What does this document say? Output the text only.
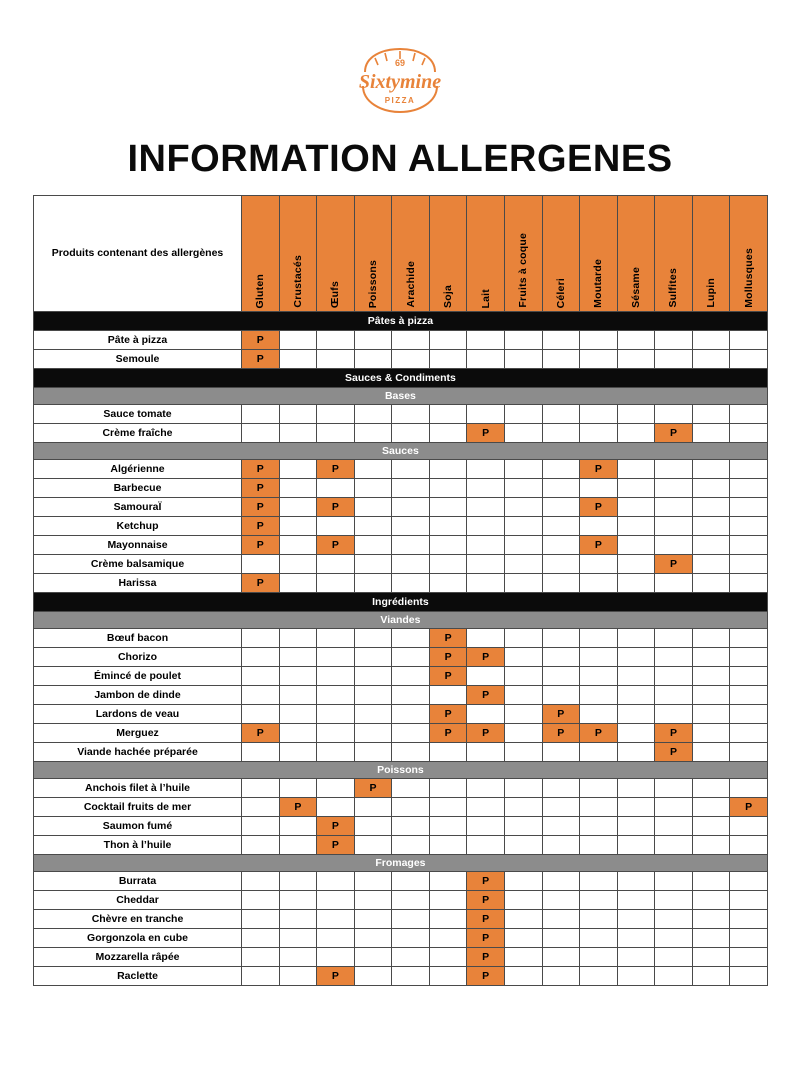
69
Sixtymine
PIZZA
INFORMATION ALLERGENES
Produits contenant des allergènes	Gluten	Crustacés	Œufs	Poissons	Arachide	Soja	Lait	Fruits à coque	Céleri	Moutarde	Sésame	Sulfites	Lupin	Mollusques
Pâtes à pizza														
Pâte à pizza	P													
Semoule	P													
Sauces & Condiments														
Bases														
Sauce tomate														
Crème fraîche							P					P		
Sauces														
Algérienne	P		P							P				
Barbecue	P													
SamouraÏ	P		P							P				
Ketchup	P													
Mayonnaise	P		P							P				
Crème balsamique												P		
Harissa	P													
Ingrédients														
Viandes														
Bœuf bacon						P								
Chorizo						P	P							
Émincé de poulet						P								
Jambon de dinde							P							
Lardons de veau						P			P					
Merguez	P					P	P		P	P		P		
Viande hachée préparée												P		
Poissons														
Anchois filet à l’huile				P										
Cocktail fruits de mer		P												P
Saumon fumé			P											
Thon à l’huile			P											
Fromages														
Burrata							P							
Cheddar							P							
Chèvre en tranche							P							
Gorgonzola en cube							P							
Mozzarella râpée							P							
Raclette			P				P							
